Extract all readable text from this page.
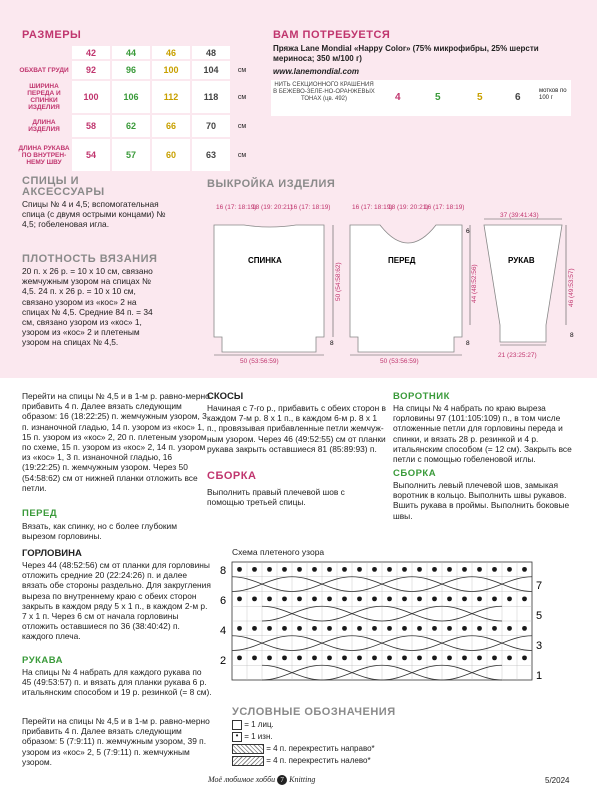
РАЗМЕРЫ
	42	44	46	48	
ОБХВАТ ГРУДИ	92	96	100	104	см
ШИРИНА ПЕРЕДА И СПИНКИ ИЗДЕЛИЯ	100	106	112	118	см
ДЛИНА ИЗДЕЛИЯ	58	62	66	70	см
ДЛИНА РУКАВА ПО ВНУТРЕН-НЕМУ ШВУ	54	57	60	63	см
ВАМ ПОТРЕБУЕТСЯ
Пряжа Lane Mondial «Happy Color» (75% микрофибры, 25% шерсти мериноса; 350 м/100 г)
www.lanemondial.com
НИТЬ СЕКЦИОННОГО КРАШЕНИЯ В БЕЖЕВО-ЗЕЛЕ-НО-ОРАНЖЕВЫХ ТОНАХ (цв. 492)	4	5	5	6
мотков по 100 г
СПИЦЫ И АКСЕССУАРЫ
Спицы № 4 и 4,5; вспомогательная спица (с двумя острыми концами) № 4,5; гобеленовая игла.
ПЛОТНОСТЬ ВЯЗАНИЯ
20 п. х 26 р. = 10 х 10 см, связано жемчужным узором на спицах № 4,5. 24 п. х 26 р. = 10 х 10 см, связано узором из «кос» 2 на спицах № 4,5. Средние 84 п. = 34 см, связано узором из «кос» 1, узором из «кос» 2 и плетеным узором на спицах № 4,5.
ВЫКРОЙКА ИЗДЕЛИЯ
СПИНКА	ПЕРЕД	РУКАВ
16 (17: 18:19)
18 (19: 20:21)
16 (17: 18:19)	16 (17: 18:19)
18 (19: 20:21)
16 (17: 18:19)
37 (39:41:43)
50 (53:56:59)	50 (53:56:59)
21 (23:25:27)
50 (54:58:62)	44 (48:52:56)	46 (49:53:57)
8
6
8
8
Перейти на спицы № 4,5 и в 1-м р. равно-мерно прибавить 4 п. Далее вязать следующим образом: 16 (18:22:25) п. жемчужным узором, 3 п. изнаночной гладью, 14 п. узором из «кос» 1, 15 п. узором из «кос» 2, 20 п. плетеным узором по схеме, 15 п. узором из «кос» 2, 14 п. узором из «кос» 1, 3 п. изнаночной гладью, 16 (19:22:25) п. жемчужным узором. Через 50 (54:58:62) см от нижней планки отложить все петли.
ПЕРЕД
Вязать, как спинку, но с более глубоким вырезом горловины.
ГОРЛОВИНА
Через 44 (48:52:56) см от планки для горловины отложить средние 20 (22:24:26) п. и далее вязать обе стороны раздельно. Для закругления выреза по внутреннему краю с обеих сторон закрыть в каждом ряду 5 х 1 п., в каждом 2-м р. 7 х 1 п. Через 6 см от начала горловины отложить оставшиеся по 36 (38:40:42) п. каждого плеча.
РУКАВА
На спицы № 4 набрать для каждого рукава по 45 (49:53:57) п. и вязать для планки рукава 6 р. итальянским способом и 19 р. резинкой (= 8 см).
Перейти на спицы № 4,5 и в 1-м р. равно-мерно прибавить 4 п. Далее вязать следующим образом: 5 (7:9:11) п. жемчужным узором, 39 п. узором из «кос» 2, 5 (7:9:11) п. жемчужным узором.
СКОСЫ
Начиная с 7-го р., прибавить с обеих сторон в каждом 7-м р. 8 х 1 п., в каждом 6-м р. 8 х 1 п., провязывая прибавленные петли жемчуж-ным узором. Через 46 (49:52:55) см от планки рукава закрыть оставшиеся 81 (85:89:93) п.
СБОРКА
Выполнить правый плечевой шов с помощью третьей спицы.
ВОРОТНИК
На спицы № 4 набрать по краю выреза горловины 97 (101:105:109) п., в том числе отложенные петли для горловины переда и спинки, и вязать 28 р. резинкой и 4 р. итальянским способом (= 12 см). Закрыть все петли с помощью гобеленовой иглы.
СБОРКА
Выполнить левый плечевой шов, замыкая воротник в кольцо. Выполнить швы рукавов. Вшить рукава в проймы. Выполнить боковые швы.
Схема плетеного узора
8
6
4
2
7
5
3
1
УСЛОВНЫЕ ОБОЗНАЧЕНИЯ
= 1 лиц.
• = 1 изн.
= 4 п. перекрестить направо*
= 4 п. перекрестить налево*
Моё любимое хобби 7 Knitting	5/2024
